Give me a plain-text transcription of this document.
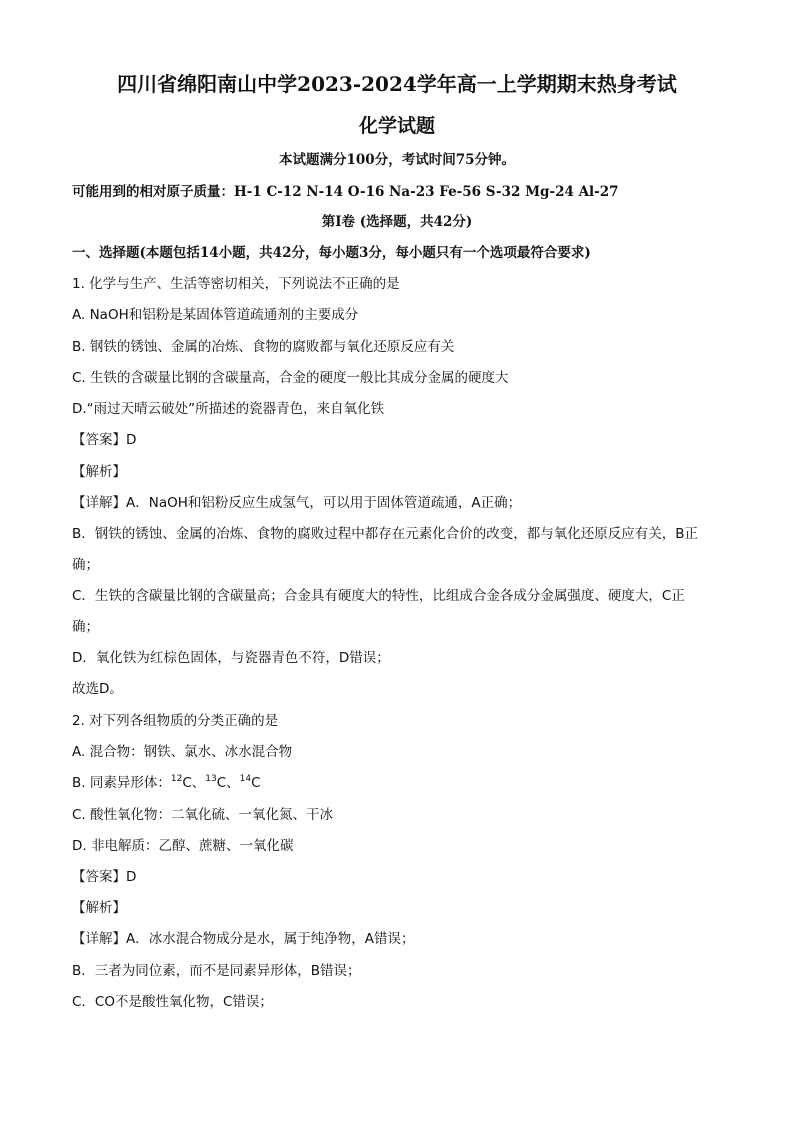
四川省绵阳南山中学2023-2024学年高一上学期期末热身考试
化学试题
本试题满分100分，考试时间75分钟。
可能用到的相对原子质量：H-1 C-12 N-14 O-16 Na-23 Fe-56 S-32 Mg-24 Al-27
第Ⅰ卷 (选择题，共42分)
一、选择题(本题包括14小题，共42分，每小题3分，每小题只有一个选项最符合要求)
1. 化学与生产、生活等密切相关，下列说法不正确的是
A. NaOH和铝粉是某固体管道疏通剂的主要成分
B. 钢铁的锈蚀、金属的冶炼、食物的腐败都与氧化还原反应有关
C. 生铁的含碳量比钢的含碳量高，合金的硬度一般比其成分金属的硬度大
D.“雨过天晴云破处”所描述的瓷器青色，来自氧化铁
【答案】D
【解析】
【详解】A．NaOH和铝粉反应生成氢气，可以用于固体管道疏通，A正确；
B．钢铁的锈蚀、金属的冶炼、食物的腐败过程中都存在元素化合价的改变，都与氧化还原反应有关，B正
确；
C．生铁的含碳量比钢的含碳量高；合金具有硬度大的特性，比组成合金各成分金属强度、硬度大，C正
确；
D．氧化铁为红棕色固体，与瓷器青色不符，D错误；
故选D。
2. 对下列各组物质的分类正确的是
A. 混合物：钢铁、氯水、冰水混合物
B. 同素异形体：$^{12}$C、$^{13}$C、$^{14}$C
C. 酸性氧化物：二氧化硫、一氧化氮、干冰
D. 非电解质：乙醇、蔗糖、一氧化碳
【答案】D
【解析】
【详解】A．冰水混合物成分是水，属于纯净物，A错误；
B．三者为同位素，而不是同素异形体，B错误；
C．CO不是酸性氧化物，C错误；
